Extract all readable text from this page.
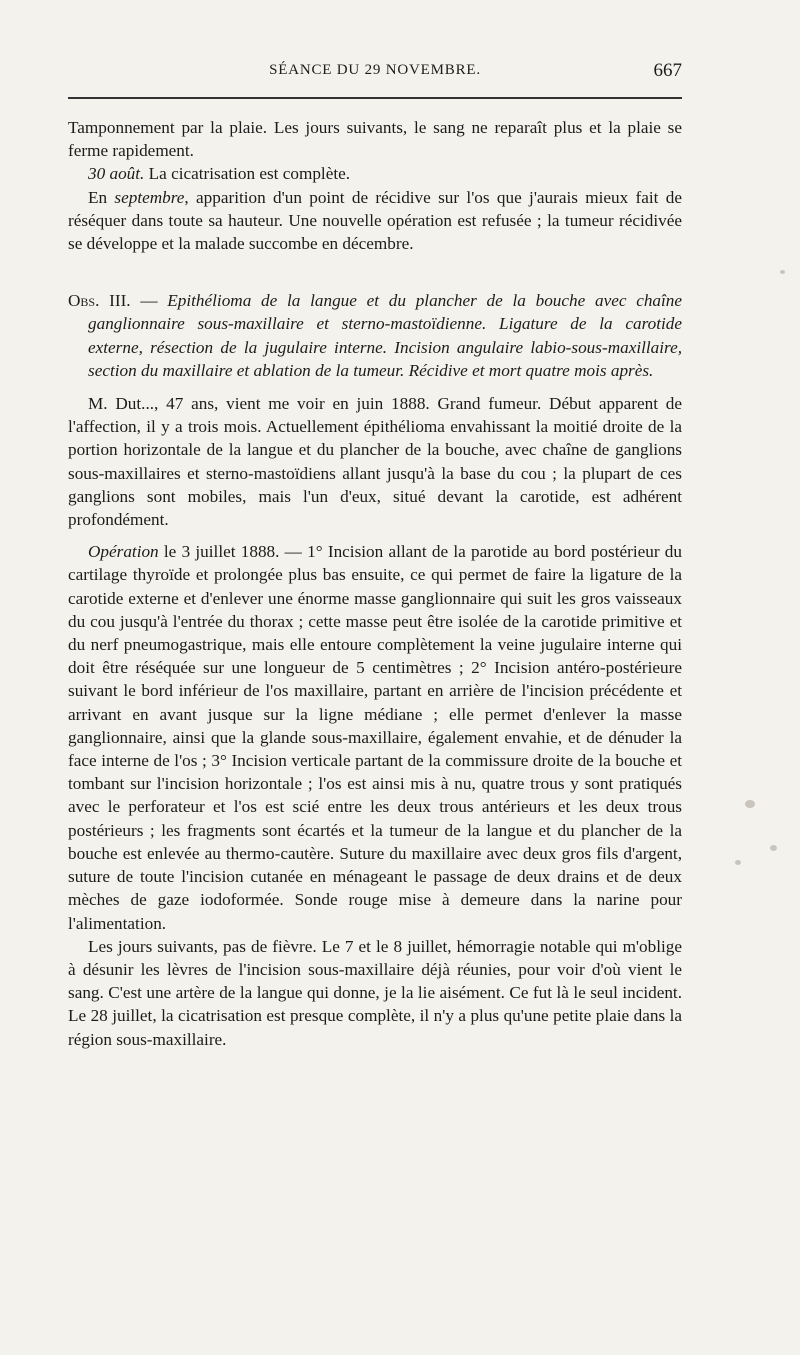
SÉANCE DU 29 NOVEMBRE.	667

Tamponnement par la plaie. Les jours suivants, le sang ne reparaît plus et la plaie se ferme rapidement.

30 août. La cicatrisation est complète.

En septembre, apparition d'un point de récidive sur l'os que j'aurais mieux fait de réséquer dans toute sa hauteur. Une nouvelle opération est refusée ; la tumeur récidivée se développe et la malade succombe en décembre.

Obs. III. — Epithélioma de la langue et du plancher de la bouche avec chaîne ganglionnaire sous-maxillaire et sterno-mastoïdienne. Ligature de la carotide externe, résection de la jugulaire interne. Incision angulaire labio-sous-maxillaire, section du maxillaire et ablation de la tumeur. Récidive et mort quatre mois après.

M. Dut..., 47 ans, vient me voir en juin 1888. Grand fumeur. Début apparent de l'affection, il y a trois mois. Actuellement épithélioma envahissant la moitié droite de la portion horizontale de la langue et du plancher de la bouche, avec chaîne de ganglions sous-maxillaires et sterno-mastoïdiens allant jusqu'à la base du cou ; la plupart de ces ganglions sont mobiles, mais l'un d'eux, situé devant la carotide, est adhérent profondément.

Opération le 3 juillet 1888. — 1° Incision allant de la parotide au bord postérieur du cartilage thyroïde et prolongée plus bas ensuite, ce qui permet de faire la ligature de la carotide externe et d'enlever une énorme masse ganglionnaire qui suit les gros vaisseaux du cou jusqu'à l'entrée du thorax ; cette masse peut être isolée de la carotide primitive et du nerf pneumogastrique, mais elle entoure complètement la veine jugulaire interne qui doit être réséquée sur une longueur de 5 centimètres ; 2° Incision antéro-postérieure suivant le bord inférieur de l'os maxillaire, partant en arrière de l'incision précédente et arrivant en avant jusque sur la ligne médiane ; elle permet d'enlever la masse ganglionnaire, ainsi que la glande sous-maxillaire, également envahie, et de dénuder la face interne de l'os ; 3° Incision verticale partant de la commissure droite de la bouche et tombant sur l'incision horizontale ; l'os est ainsi mis à nu, quatre trous y sont pratiqués avec le perforateur et l'os est scié entre les deux trous antérieurs et les deux trous postérieurs ; les fragments sont écartés et la tumeur de la langue et du plancher de la bouche est enlevée au thermo-cautère. Suture du maxillaire avec deux gros fils d'argent, suture de toute l'incision cutanée en ménageant le passage de deux drains et de deux mèches de gaze iodoformée. Sonde rouge mise à demeure dans la narine pour l'alimentation.

Les jours suivants, pas de fièvre. Le 7 et le 8 juillet, hémorragie notable qui m'oblige à désunir les lèvres de l'incision sous-maxillaire déjà réunies, pour voir d'où vient le sang. C'est une artère de la langue qui donne, je la lie aisément. Ce fut là le seul incident. Le 28 juillet, la cicatrisation est presque complète, il n'y a plus qu'une petite plaie dans la région sous-maxillaire.
